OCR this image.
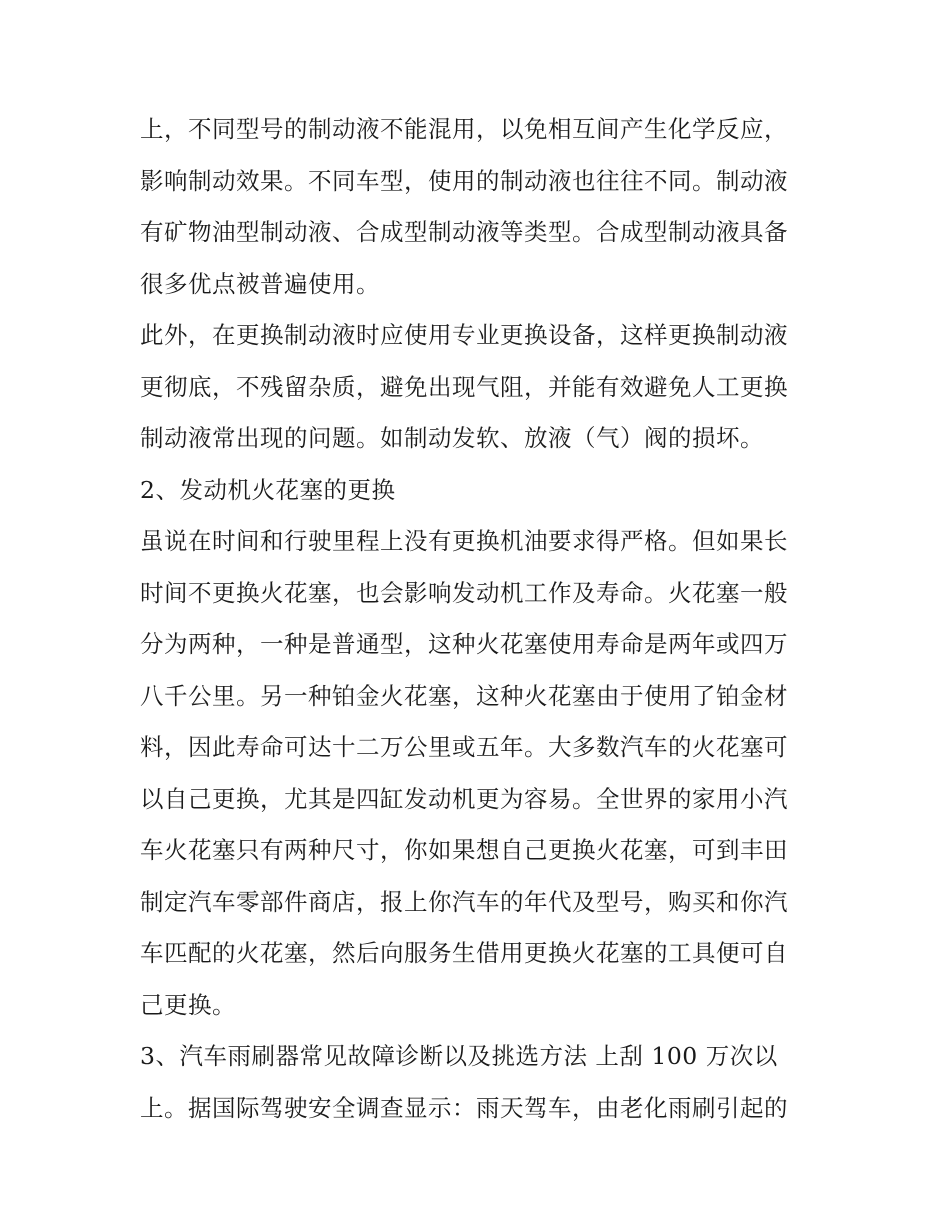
上，不同型号的制动液不能混用，以免相互间产生化学反应，
影响制动效果。不同车型，使用的制动液也往往不同。制动液
有矿物油型制动液、合成型制动液等类型。合成型制动液具备
很多优点被普遍使用。
此外，在更换制动液时应使用专业更换设备，这样更换制动液
更彻底，不残留杂质，避免出现气阻，并能有效避免人工更换
制动液常出现的问题。如制动发软、放液（气）阀的损坏。
2、发动机火花塞的更换
虽说在时间和行驶里程上没有更换机油要求得严格。但如果长
时间不更换火花塞，也会影响发动机工作及寿命。火花塞一般
分为两种，一种是普通型，这种火花塞使用寿命是两年或四万
八千公里。另一种铂金火花塞，这种火花塞由于使用了铂金材
料，因此寿命可达十二万公里或五年。大多数汽车的火花塞可
以自己更换，尤其是四缸发动机更为容易。全世界的家用小汽
车火花塞只有两种尺寸，你如果想自己更换火花塞，可到丰田
制定汽车零部件商店，报上你汽车的年代及型号，购买和你汽
车匹配的火花塞，然后向服务生借用更换火花塞的工具便可自
己更换。
3、汽车雨刷器常见故障诊断以及挑选方法 上刮 100 万次以
上。据国际驾驶安全调查显示：雨天驾车，由老化雨刷引起的
